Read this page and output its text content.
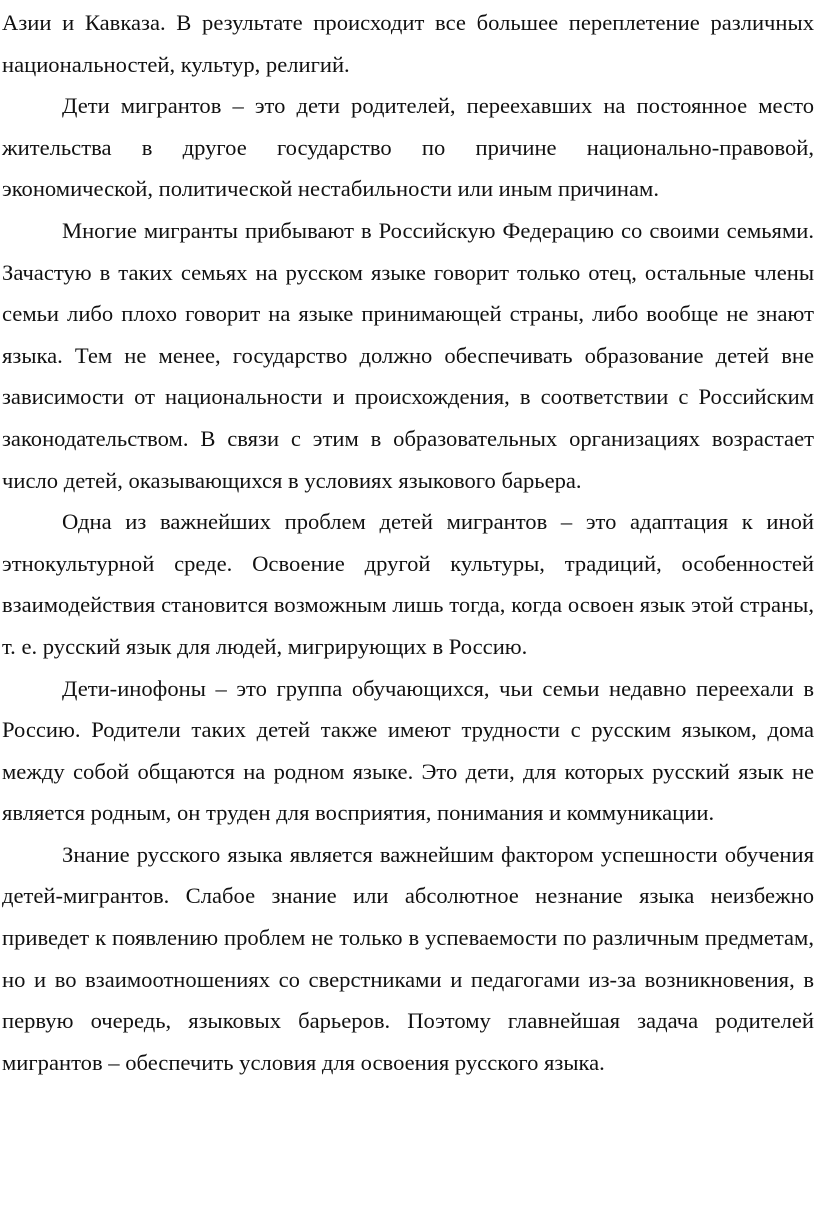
Азии и Кавказа. В результате происходит все большее переплетение различных национальностей, культур, религий.

Дети мигрантов – это дети родителей, переехавших на постоянное место жительства в другое государство по причине национально-правовой, экономической, политической нестабильности или иным причинам.

Многие мигранты прибывают в Российскую Федерацию со своими семьями. Зачастую в таких семьях на русском языке говорит только отец, остальные члены семьи либо плохо говорит на языке принимающей страны, либо вообще не знают языка. Тем не менее, государство должно обеспечивать образование детей вне зависимости от национальности и происхождения, в соответствии с Российским законодательством. В связи с этим в образовательных организациях возрастает число детей, оказывающихся в условиях языкового барьера.

Одна из важнейших проблем детей мигрантов – это адаптация к иной этнокультурной среде. Освоение другой культуры, традиций, особенностей взаимодействия становится возможным лишь тогда, когда освоен язык этой страны, т. е. русский язык для людей, мигрирующих в Россию.

Дети-инофоны – это группа обучающихся, чьи семьи недавно переехали в Россию. Родители таких детей также имеют трудности с русским языком, дома между собой общаются на родном языке. Это дети, для которых русский язык не является родным, он труден для восприятия, понимания и коммуникации.

Знание русского языка является важнейшим фактором успешности обучения детей-мигрантов. Слабое знание или абсолютное незнание языка неизбежно приведет к появлению проблем не только в успеваемости по различным предметам, но и во взаимоотношениях со сверстниками и педагогами из-за возникновения, в первую очередь, языковых барьеров. Поэтому главнейшая задача родителей мигрантов – обеспечить условия для освоения русского языка.
